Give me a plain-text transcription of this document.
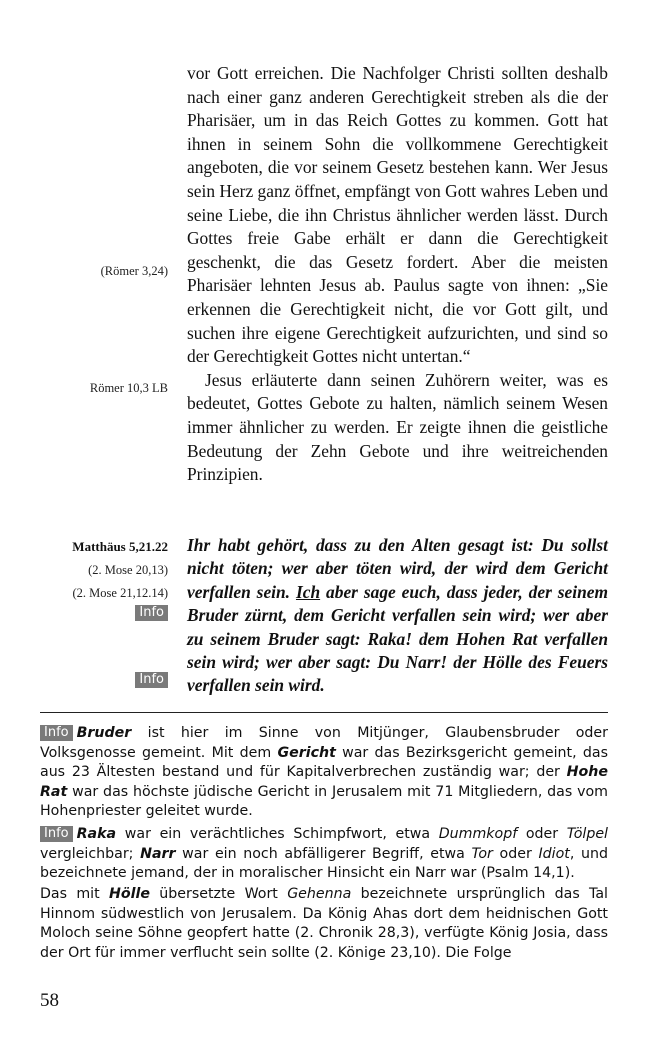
(Römer 3,24)
Römer 10,3 LB
Matthäus 5,21.22
(2. Mose 20,13)
(2. Mose 21,12.14)
Info
Info
vor Gott erreichen. Die Nachfolger Christi sollten deshalb nach einer ganz anderen Gerechtigkeit streben als die der Pharisäer, um in das Reich Gottes zu kommen. Gott hat ihnen in seinem Sohn die vollkommene Gerechtigkeit angeboten, die vor seinem Gesetz bestehen kann. Wer Jesus sein Herz ganz öffnet, empfängt von Gott wahres Leben und seine Liebe, die ihn Christus ähnlicher werden lässt. Durch Gottes freie Gabe erhält er dann die Gerechtigkeit geschenkt, die das Gesetz fordert. Aber die meisten Pharisäer lehnten Jesus ab. Paulus sagte von ihnen: „Sie erkennen die Gerechtigkeit nicht, die vor Gott gilt, und suchen ihre eigene Gerechtigkeit aufzurichten, und sind so der Gerechtigkeit Gottes nicht untertan.“
Jesus erläuterte dann seinen Zuhörern weiter, was es bedeutet, Gottes Gebote zu halten, nämlich seinem Wesen immer ähnlicher zu werden. Er zeigte ihnen die geistliche Bedeutung der Zehn Gebote und ihre weitreichenden Prinzipien.
Ihr habt gehört, dass zu den Alten gesagt ist: Du sollst nicht töten; wer aber töten wird, der wird dem Gericht verfallen sein. Ich aber sage euch, dass jeder, der seinem Bruder zürnt, dem Gericht verfallen sein wird; wer aber zu seinem Bruder sagt: Raka! dem Hohen Rat verfallen sein wird; wer aber sagt: Du Narr! der Hölle des Feuers verfallen sein wird.
Info Bruder ist hier im Sinne von Mitjünger, Glaubensbruder oder Volksgenosse gemeint. Mit dem Gericht war das Bezirksgericht gemeint, das aus 23 Ältesten bestand und für Kapitalverbrechen zuständig war; der Hohe Rat war das höchste jüdische Gericht in Jerusalem mit 71 Mitgliedern, das vom Hohenpriester geleitet wurde.
Info Raka war ein verächtliches Schimpfwort, etwa Dummkopf oder Tölpel vergleichbar; Narr war ein noch abfälligerer Begriff, etwa Tor oder Idiot, und bezeichnete jemand, der in moralischer Hinsicht ein Narr war (Psalm 14,1).
Das mit Hölle übersetzte Wort Gehenna bezeichnete ursprünglich das Tal Hinnom südwestlich von Jerusalem. Da König Ahas dort dem heidnischen Gott Moloch seine Söhne geopfert hatte (2. Chronik 28,3), verfügte König Josia, dass der Ort für immer verflucht sein sollte (2. Könige 23,10). Die Folge
58
